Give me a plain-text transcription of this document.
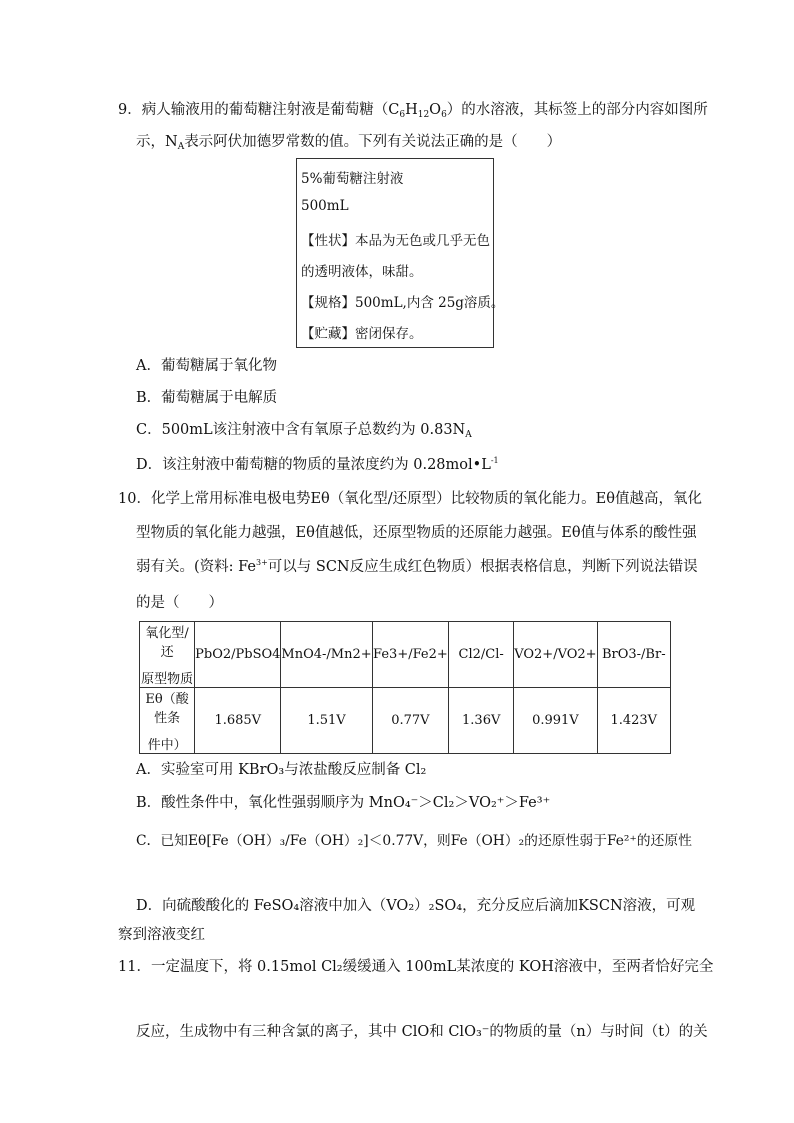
9．病人输液用的葡萄糖注射液是葡萄糖$(C_6H_{12}O_6)$的水溶液，其标签上的部分内容如图所
示，$N_A$表示阿伏加德罗常数的值。下列有关说法正确的是（　　）
5%葡萄糖注射液
500mL
【性状】本品为无色或几乎无色
的透明液体，味甜。
【规格】500mL,内含 25g溶质。
【贮藏】密闭保存。
A．葡萄糖属于氧化物
B．葡萄糖属于电解质
C．500mL该注射液中含有氧原子总数约为 $0.83N_A$
D．该注射液中葡萄糖的物质的量浓度约为 $0.28mol•L^{-1}$
10．化学上常用标准电极电势Eθ（氧化型/还原型）比较物质的氧化能力。Eθ值越高，氧化
型物质的氧化能力越强，Eθ值越低，还原型物质的还原能力越强。Eθ值与体系的酸性强
弱有关。(资料: $Fe^{3+}$可以与 SCN反应生成红色物质）根据表格信息，判断下列说法错误
的是（　　）
氧化型/还
原型物质	PbO2/PbSO4	MnO4-/Mn2+	Fe3+/Fe2+	Cl2/Cl-	VO2+/VO2+	BrO3-/Br-

Eθ（酸性条
件中）	1.685V	1.51V	0.77V	1.36V	0.991V	1.423V
A．实验室可用 KBrO₃与浓盐酸反应制备 Cl₂
B．酸性条件中，氧化性强弱顺序为 MnO₄⁻＞Cl₂＞VO₂⁺＞Fe³⁺
C．已知Eθ[Fe（OH）₃/Fe（OH）₂]＜0.77V，则Fe（OH）₂的还原性弱于Fe²⁺的还原性
D．向硫酸酸化的 FeSO₄溶液中加入（VO₂）₂SO₄，充分反应后滴加KSCN溶液，可观
察到溶液变红
11．一定温度下，将 0.15mol Cl₂缓缓通入 100mL某浓度的 KOH溶液中，至两者恰好完全
反应，生成物中有三种含氯的离子，其中 ClO和 ClO₃⁻的物质的量（n）与时间（t）的关
